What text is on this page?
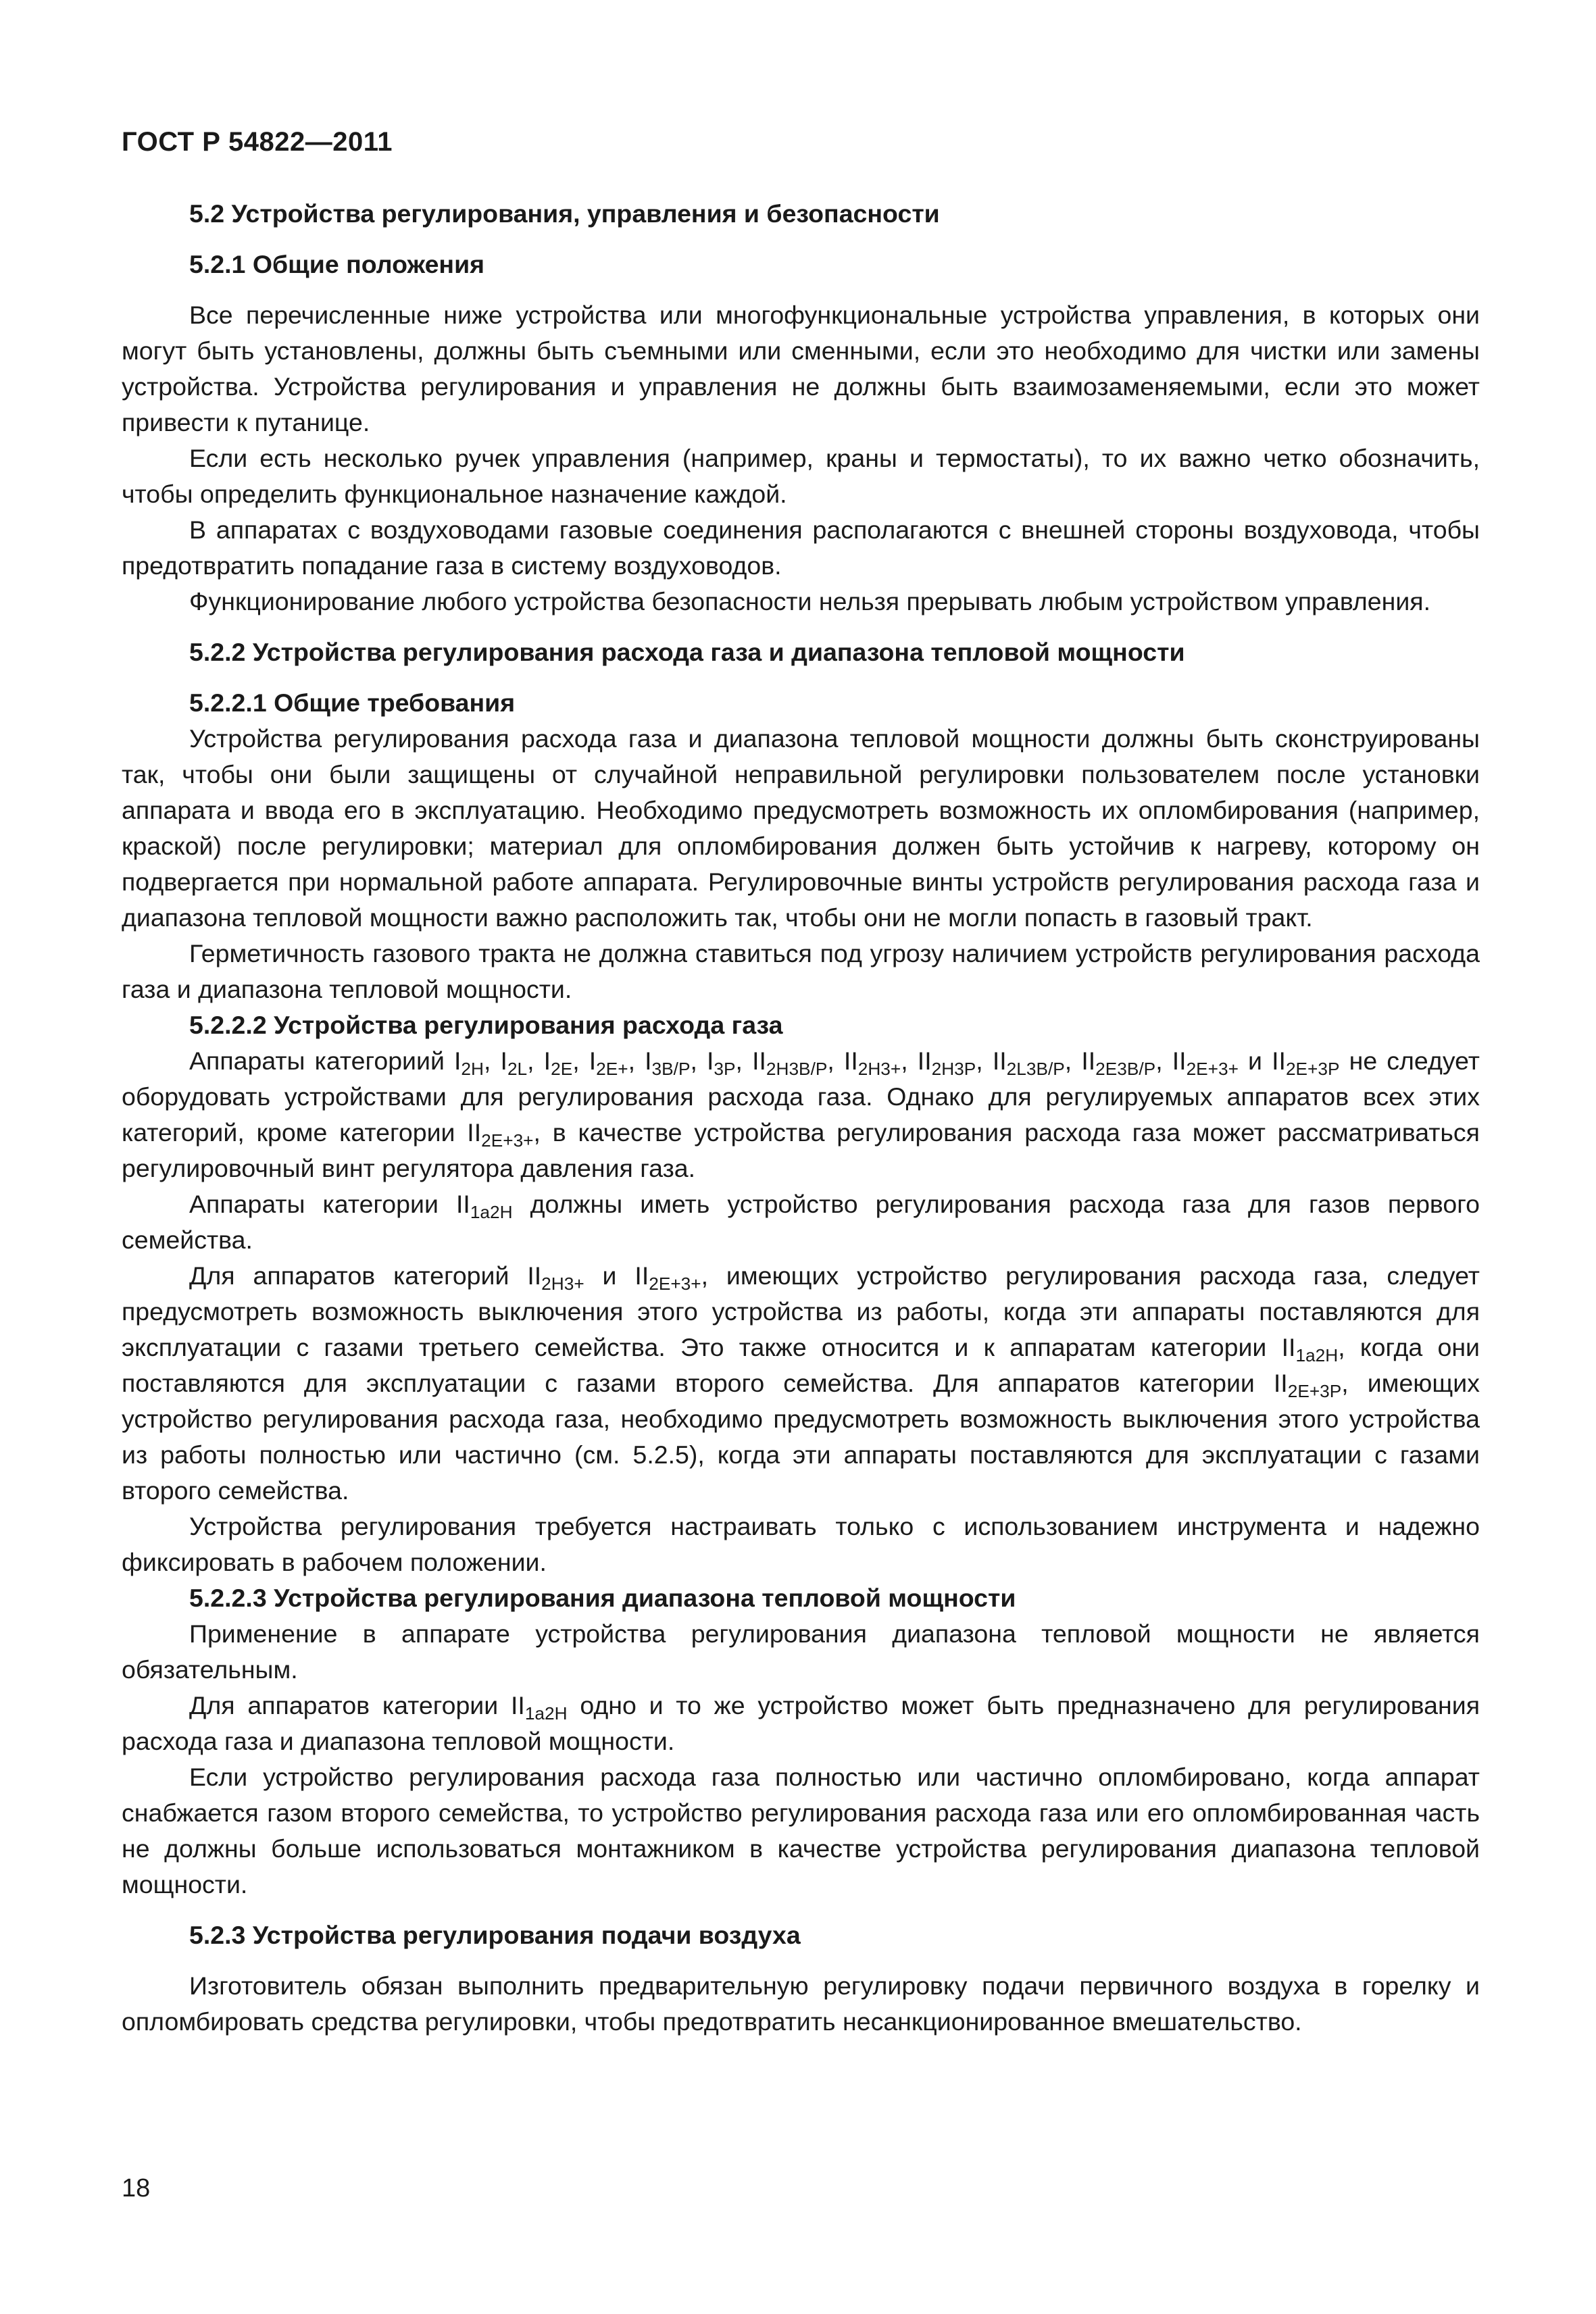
ГОСТ Р 54822—2011
5.2 Устройства регулирования, управления и безопасности
5.2.1 Общие положения

Все перечисленные ниже устройства или многофункциональные устройства управления, в которых они могут быть установлены, должны быть съемными или сменными, если это необходимо для чистки или замены устройства. Устройства регулирования и управления не должны быть взаимозаменяемыми, если это может привести к путанице.

Если есть несколько ручек управления (например, краны и термостаты), то их важно четко обозначить, чтобы определить функциональное назначение каждой.

В аппаратах с воздуховодами газовые соединения располагаются с внешней стороны воздуховода, чтобы предотвратить попадание газа в систему воздуховодов.

Функционирование любого устройства безопасности нельзя прерывать любым устройством управления.

5.2.2 Устройства регулирования расхода газа и диапазона тепловой мощности
5.2.2.1 Общие требования

Устройства регулирования расхода газа и диапазона тепловой мощности должны быть сконструированы так, чтобы они были защищены от случайной неправильной регулировки пользователем после установки аппарата и ввода его в эксплуатацию. Необходимо предусмотреть возможность их опломбирования (например, краской) после регулировки; материал для опломбирования должен быть устойчив к нагреву, которому он подвергается при нормальной работе аппарата. Регулировочные винты устройств регулирования расхода газа и диапазона тепловой мощности важно расположить так, чтобы они не могли попасть в газовый тракт.

Герметичность газового тракта не должна ставиться под угрозу наличием устройств регулирования расхода газа и диапазона тепловой мощности.

5.2.2.2 Устройства регулирования расхода газа

Аппараты категориий $I_{2H}$, $I_{2L}$, $I_{2E}$, $I_{2E+}$, $I_{3B/P}$, $I_{3P}$, $II_{2H3B/P}$, $II_{2H3+}$, $II_{2H3P}$, $II_{2L3B/P}$, $II_{2E3B/P}$, $II_{2E+3+}$ и $II_{2E+3P}$ не следует оборудовать устройствами для регулирования расхода газа. Однако для регулируемых аппаратов всех этих категорий, кроме категории $II_{2E+3+}$, в качестве устройства регулирования расхода газа может рассматриваться регулировочный винт регулятора давления газа.

Аппараты категории $II_{1a2H}$ должны иметь устройство регулирования расхода газа для газов первого семейства.

Для аппаратов категорий $II_{2H3+}$ и $II_{2E+3+}$, имеющих устройство регулирования расхода газа, следует предусмотреть возможность выключения этого устройства из работы, когда эти аппараты поставляются для эксплуатации с газами третьего семейства. Это также относится и к аппаратам категории $II_{1a2H}$, когда они поставляются для эксплуатации с газами второго семейства. Для аппаратов категории $II_{2E+3P}$, имеющих устройство регулирования расхода газа, необходимо предусмотреть возможность выключения этого устройства из работы полностью или частично (см. 5.2.5), когда эти аппараты поставляются для эксплуатации с газами второго семейства.

Устройства регулирования требуется настраивать только с использованием инструмента и надежно фиксировать в рабочем положении.

5.2.2.3 Устройства регулирования диапазона тепловой мощности

Применение в аппарате устройства регулирования диапазона тепловой мощности не является обязательным.

Для аппаратов категории $II_{1a2H}$ одно и то же устройство может быть предназначено для регулирования расхода газа и диапазона тепловой мощности.

Если устройство регулирования расхода газа полностью или частично опломбировано, когда аппарат снабжается газом второго семейства, то устройство регулирования расхода газа или его опломбированная часть не должны больше использоваться монтажником в качестве устройства регулирования диапазона тепловой мощности.

5.2.3 Устройства регулирования подачи воздуха

Изготовитель обязан выполнить предварительную регулировку подачи первичного воздуха в горелку и опломбировать средства регулировки, чтобы предотвратить несанкционированное вмешательство.

18
